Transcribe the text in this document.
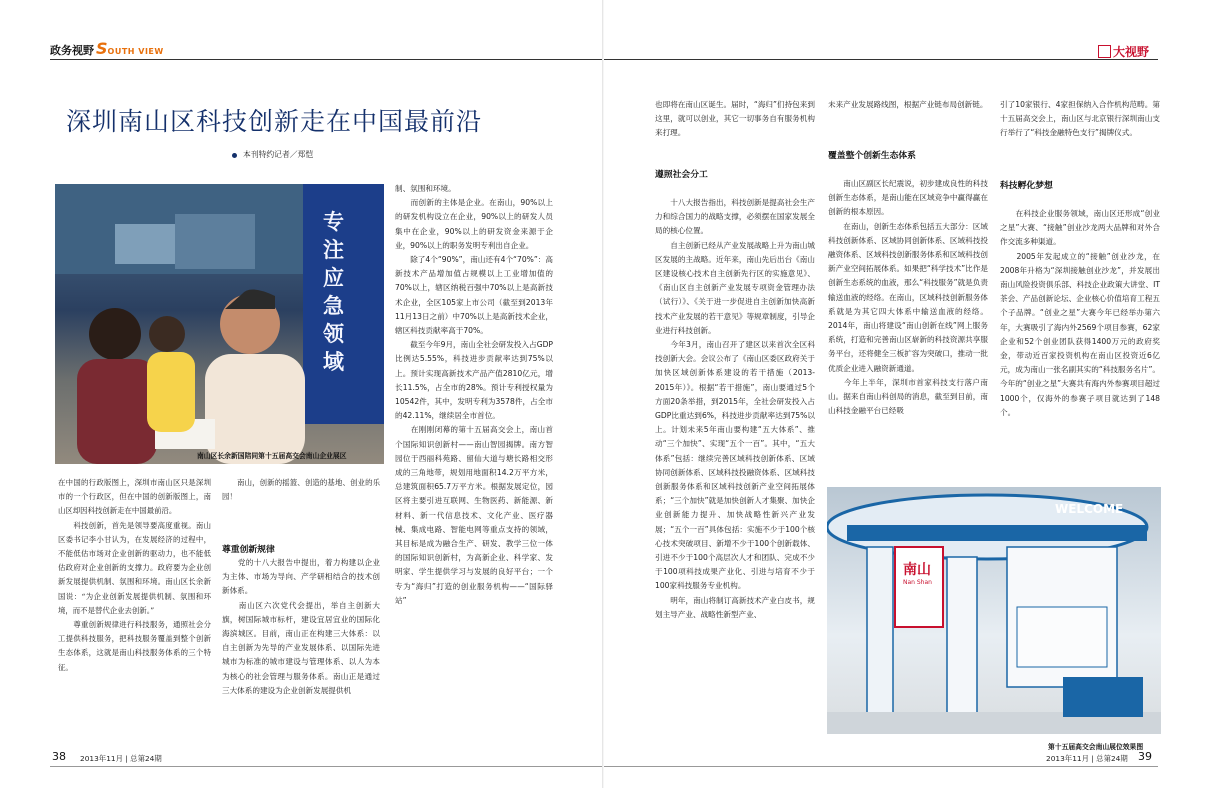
政务视野 SOUTH VIEW
深圳南山区科技创新走在中国最前沿
本刊特约记者／郑恺
专注应急领域
南山区长余新国陪同第十五届高交会南山企业展区
在中国的行政版图上，深圳市南山区只是深圳市的一个行政区，但在中国的创新版图上，南山区却因科技创新走在中国最前沿。
　　科技创新，首先是领导要高度重视。南山区委书记李小甘认为，在发展经济的过程中，不能低估市场对企业创新的驱动力，也不能低估政府对企业创新的支撑力。政府要为企业创新发展提供机制、氛围和环境。南山区长余新国说：“为企业创新发展提供机制、氛围和环境，而不是替代企业去创新。”
　　尊重创新规律进行科技服务，通照社会分工提供科技服务，把科技服务覆盖到整个创新生态体系，这就是南山科技服务体系的三个特征。
　　南山，创新的摇篮、创造的基地、创业的乐园！
尊重创新规律
　　党的十八大报告中提出，着力构建以企业为主体、市场为导向、产学研相结合的技术创新体系。
　　南山区六次党代会提出，举自主创新大旗，树国际城市标杆，建设宜居宜业的国际化海滨城区。目前，南山正在构建三大体系：以自主创新为先导的产业发展体系、以国际先进城市为标准的城市建设与管理体系、以人为本为核心的社会管理与服务体系。南山正是通过三大体系的建设为企业创新发展提供机
制、氛围和环境。
　　而创新的主体是企业。在南山，90%以上的研发机构设立在企业，90%以上的研发人员集中在企业，90%以上的研发资金来源于企业，90%以上的职务发明专利出自企业。
　　除了4个“90%”，南山还有4个“70%”：高新技术产品增加值占规模以上工业增加值的70%以上，辖区纳税百强中70%以上是高新技术企业，全区105家上市公司（截至到2013年11月13日之前）中70%以上是高新技术企业，辖区科技贡献率高于70%。
　　截至今年9月，南山全社会研发投入占GDP比例达5.55%，科技进步贡献率达到75%以上。预计实现高新技术产品产值2810亿元，增长11.5%，占全市的28%。预计专利授权量为10542件，其中，发明专利为3578件，占全市的42.11%，继续居全市首位。
　　在刚刚闭幕的第十五届高交会上，南山首个国际知识创新村——南山智园揭牌。南方智园位于西丽科苑路、留仙大道与塘长路相交形成的三角地带，规划用地面积14.2万平方米，总建筑面积65.7万平方米。根据发展定位，园区将主要引进互联网、生物医药、新能源、新材料、新一代信息技术、文化产业、医疗器械、集成电路、智能电网等重点支持的领域，其目标是成为融合生产、研发、教学三位一体的国际知识创新村，为高新企业、科学家、发明家、学生提供学习与发展的良好平台；一个专为“海归”打造的创业服务机构——“国际驿站”
38 2013年11月 | 总第24期
大视野
也即将在南山区诞生。届时，“海归”们持包来到这里，就可以创业，其它一切事务自有服务机构来打理。
遵照社会分工
　　十八大报告指出，科技创新是提高社会生产力和综合国力的战略支撑，必须摆在国家发展全局的核心位置。
　　自主创新已经从产业发展战略上升为南山城区发展的主战略。近年来，南山先后出台《南山区建设核心技术自主创新先行区的实施意见》、《南山区自主创新产业发展专项资金管理办法（试行）》、《关于进一步促进自主创新加快高新技术产业发展的若干意见》等规章制度，引导企业进行科技创新。
　　今年3月，南山召开了建区以来首次全区科技创新大会。会议公布了《南山区委区政府关于加快区域创新体系建设的若干措施（2013-2015年）》。根据“若干措施”，南山要通过5个方面20条举措，到2015年，全社会研发投入占GDP比重达到6%，科技进步贡献率达到75%以上。计划未来5年南山要构建“五大体系”、推动“三个加快”、实现“五个一百”。其中，“五大体系”包括：继续完善区域科技创新体系、区域协同创新体系、区域科技投融资体系、区域科技创新服务体系和区域科技创新产业空间拓展体系；“三个加快”就是加快创新人才集聚、加快企业创新能力提升、加快战略性新兴产业发展；“五个一百”具体包括：实施不少于100个核心技术突破项目、新增不少于100个创新载体、引进不少于100个高层次人才和团队、完成不少于100项科技成果产业化、引进与培育不少于100家科技服务专业机构。
　　明年，南山将制订高新技术产业白皮书，规划主导产业、战略性新型产业、
未来产业发展路线图，根据产业链布局创新链。
覆盖整个创新生态体系
　　南山区副区长纪震说，初步建成良性的科技创新生态体系，是南山能在区域竞争中赢得赢在创新的根本原因。
　　在南山，创新生态体系包括五大部分：区域科技创新体系、区域协同创新体系、区域科技投融资体系、区域科技创新服务体系和区域科技创新产业空间拓展体系。如果把“科学技术”比作是创新生态系统的血液，那么“科技服务”就是负责输送血液的经络。在南山，区域科技创新服务体系就是为其它四大体系中输送血液的经络。2014年，南山将建设“南山创新在线”网上服务系统，打造和完善南山区崭新的科技资源共享服务平台，还将健全三板扩容为突破口，推动一批优质企业进入融资新通道。
　　今年上半年，深圳市首家科技支行落户南山。据来自南山科创局的消息，截至到目前，南山科技金融平台已经吸
引了10家银行、4家担保纳入合作机构范畴。第十五届高交会上，南山区与北京银行深圳南山支行举行了“科技金融特色支行”揭牌仪式。
科技孵化梦想
　　在科技企业服务领域，南山区还形成“创业之星”大赛、“接触”创业沙龙两大品牌和对外合作交流多种渠道。
　　2005年发起成立的“接触”创业沙龙，在2008年升格为“深圳接触创业沙龙”，并发展出南山风险投资俱乐部、科技企业政策大讲堂、IT茶会、产品创新论坛、企业核心价值培育工程五个子品牌。“创业之星”大赛今年已经举办第六年，大赛吸引了海内外2569个项目参赛，62家企业和52个创业团队获得1400万元的政府奖金，带动近百家投资机构在南山区投资近6亿元，成为南山一张名副其实的“科技服务名片”。今年的“创业之星”大赛共有海内外参赛项目超过1000个，仅海外的参赛子项目就达到了148个。
WELCOME
南山
Nan Shan
第十五届高交会南山展位效果图
2013年11月 | 总第24期 39
